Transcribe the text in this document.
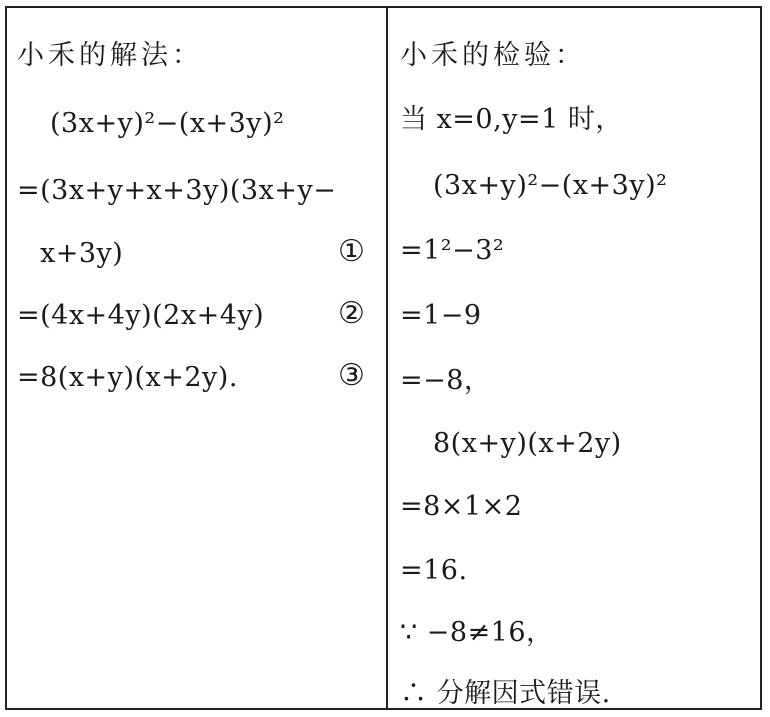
小禾的解法：
(3x+y)²−(x+3y)²
=(3x+y+x+3y)(3x+y−
x+3y)	①
=(4x+4y)(2x+4y) ②
=8(x+y)(x+2y).	③
小禾的检验：
当 x=0,y=1 时，
(3x+y)²−(x+3y)²
=1²−3²
=1−9
=−8，
8(x+y)(x+2y)
=8×1×2
=16.
∵ −8≠16，
∴ 分解因式错误.
